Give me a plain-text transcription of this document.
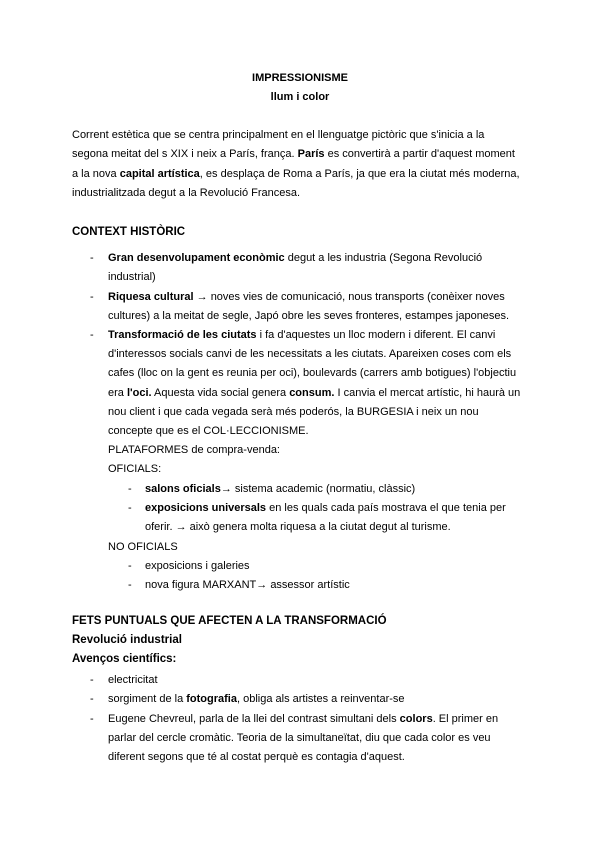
IMPRESSIONISME
llum i color
Corrent estètica que se centra principalment en el llenguatge pictòric que s'inicia a la
segona meitat del s XIX i neix a París, frança. París es convertirà a partir d'aquest moment
a la nova capital artística, es desplaça de Roma a París, ja que era la ciutat més moderna,
industrialitzada degut a la Revolució Francesa.
CONTEXT HISTÒRIC
- Gran desenvolupament econòmic degut a les industria (Segona Revolució
industrial)
- Riquesa cultural → noves vies de comunicació, nous transports (conèixer noves
cultures) a la meitat de segle, Japó obre les seves fronteres, estampes japoneses.
- Transformació de les ciutats i fa d'aquestes un lloc modern i diferent. El canvi
d'interessos socials canvi de les necessitats a les ciutats. Apareixen coses com els
cafes (lloc on la gent es reunia per oci), boulevards (carrers amb botigues) l'objectiu
era l'oci. Aquesta vida social genera consum. I canvia el mercat artístic, hi haurà un
nou client i que cada vegada serà més poderós, la BURGESIA i neix un nou
concepte que es el COL·LECCIONISME.
PLATAFORMES de compra-venda:
OFICIALS:
- salons oficials→ sistema academic (normatiu, clàssic)
- exposicions universals en les quals cada país mostrava el que tenia per
oferir. → això genera molta riquesa a la ciutat degut al turisme.
NO OFICIALS
- exposicions i galeries
- nova figura MARXANT→ assessor artístic
FETS PUNTUALS QUE AFECTEN A LA TRANSFORMACIÓ
Revolució industrial
Avenços científics:
- electricitat
- sorgiment de la fotografia, obliga als artistes a reinventar-se
- Eugene Chevreul, parla de la llei del contrast simultani dels colors. El primer en
parlar del cercle cromàtic. Teoria de la simultaneïtat, diu que cada color es veu
diferent segons que té al costat perquè es contagia d'aquest.
